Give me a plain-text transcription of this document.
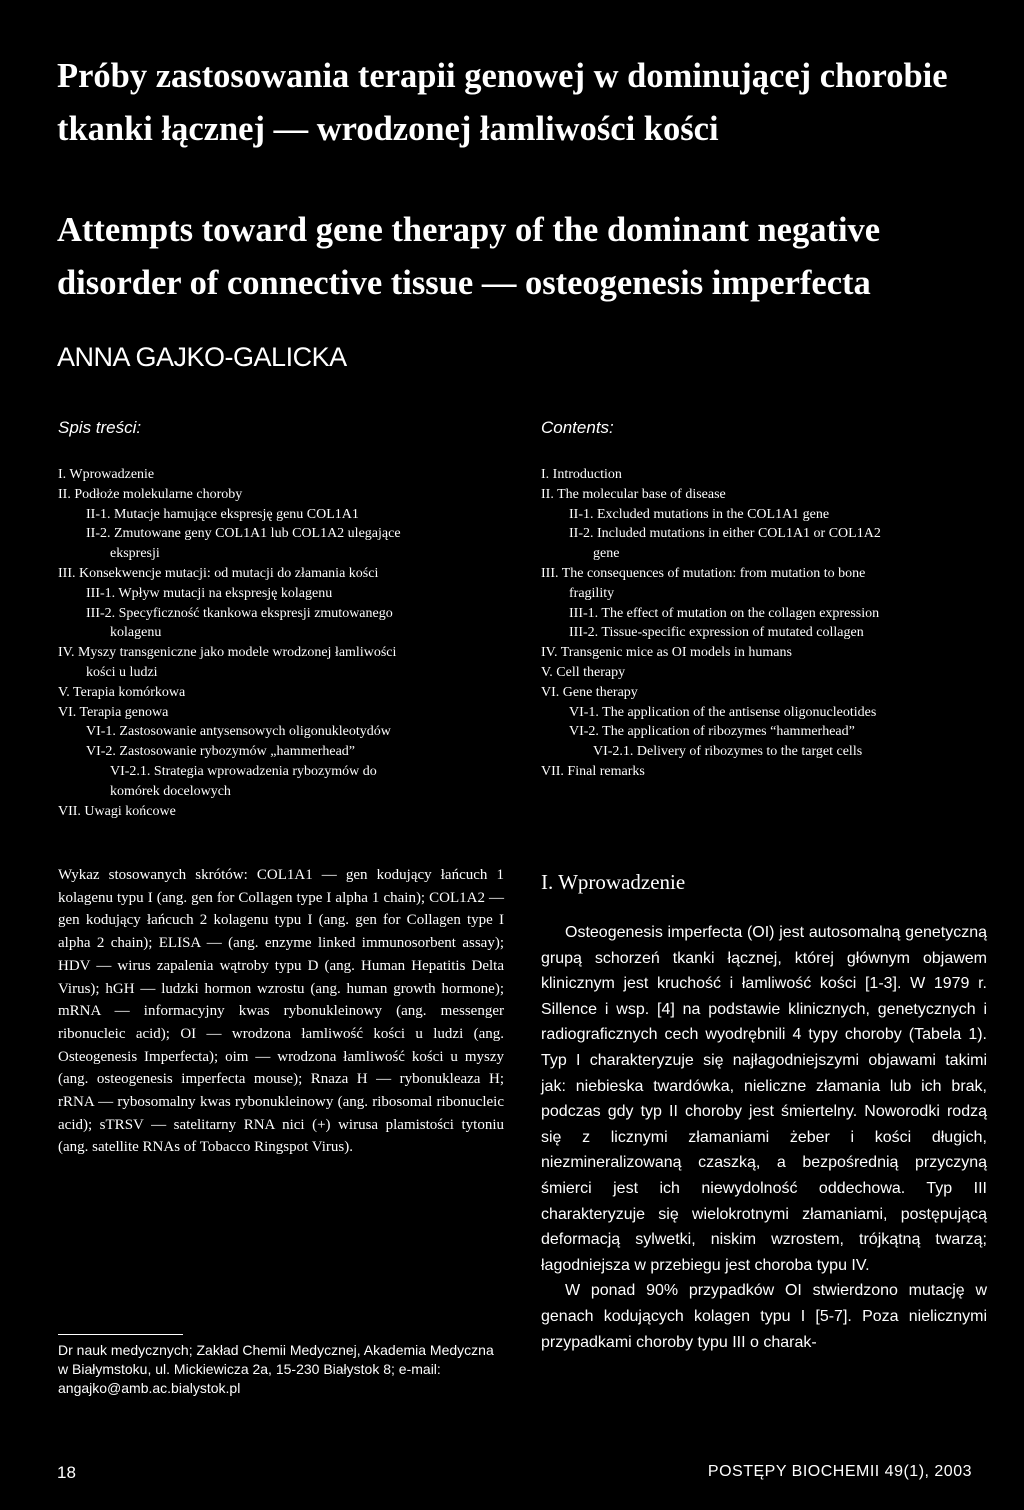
Próby zastosowania terapii genowej w dominującej chorobie tkanki łącznej — wrodzonej łamliwości kości
Attempts toward gene therapy of the dominant negative disorder of connective tissue — osteogenesis imperfecta
ANNA GAJKO-GALICKA
Spis treści:	Contents:
I. Wprowadzenie
II. Podłoże molekularne choroby
II-1. Mutacje hamujące ekspresję genu COL1A1
II-2. Zmutowane geny COL1A1 lub COL1A2 ulegające
ekspresji
III. Konsekwencje mutacji: od mutacji do złamania kości
III-1. Wpływ mutacji na ekspresję kolagenu
III-2. Specyficzność tkankowa ekspresji zmutowanego
kolagenu
IV. Myszy transgeniczne jako modele wrodzonej łamliwości
kości u ludzi
V. Terapia komórkowa
VI. Terapia genowa
VI-1. Zastosowanie antysensowych oligonukleotydów
VI-2. Zastosowanie rybozymów „hammerhead”
VI-2.1. Strategia wprowadzenia rybozymów do
komórek docelowych
VII. Uwagi końcowe
I. Introduction
II. The molecular base of disease
II-1. Excluded mutations in the COL1A1 gene
II-2. Included mutations in either COL1A1 or COL1A2
gene
III. The consequences of mutation: from mutation to bone
fragility
III-1. The effect of mutation on the collagen expression
III-2. Tissue-specific expression of mutated collagen
IV. Transgenic mice as OI models in humans
V. Cell therapy
VI. Gene therapy
VI-1. The application of the antisense oligonucleotides
VI-2. The application of ribozymes “hammerhead”
VI-2.1. Delivery of ribozymes to the target cells
VII. Final remarks
Wykaz stosowanych skrótów: COL1A1 — gen kodujący łańcuch 1 kolagenu typu I (ang. gen for Collagen type I alpha 1 chain); COL1A2 — gen kodujący łańcuch 2 kolagenu typu I (ang. gen for Collagen type I alpha 2 chain); ELISA — (ang. enzyme linked immunosorbent assay); HDV — wirus zapalenia wątroby typu D (ang. Human Hepatitis Delta Virus); hGH — ludzki hormon wzrostu (ang. human growth hormone); mRNA — informacyjny kwas rybonukleinowy (ang. messenger ribonucleic acid); OI — wrodzona łamliwość kości u ludzi (ang. Osteogenesis Imperfecta); oim — wrodzona łamliwość kości u myszy (ang. osteogenesis imperfecta mouse); Rnaza H — rybonukleaza H; rRNA — rybosomalny kwas rybonukleinowy (ang. ribosomal ribonucleic acid); sTRSV — satelitarny RNA nici (+) wirusa plamistości tytoniu (ang. satellite RNAs of Tobacco Ringspot Virus).
I. Wprowadzenie

Osteogenesis imperfecta (OI) jest autosomalną genetyczną grupą schorzeń tkanki łącznej, której głównym objawem klinicznym jest kruchość i łamliwość kości [1-3]. W 1979 r. Sillence i wsp. [4] na podstawie klinicznych, genetycznych i radiograficznych cech wyodrębnili 4 typy choroby (Tabela 1). Typ I charakteryzuje się najłagodniejszymi objawami takimi jak: niebieska twardówka, nieliczne złamania lub ich brak, podczas gdy typ II choroby jest śmiertelny. Noworodki rodzą się z licznymi złamaniami żeber i kości długich, niezmineralizowaną czaszką, a bezpośrednią przyczyną śmierci jest ich niewydolność oddechowa. Typ III charakteryzuje się wielokrotnymi złamaniami, postępującą deformacją sylwetki, niskim wzrostem, trójkątną twarzą; łagodniejsza w przebiegu jest choroba typu IV.

W ponad 90% przypadków OI stwierdzono mutację w genach kodujących kolagen typu I [5-7]. Poza nielicznymi przypadkami choroby typu III o charak-

Dr nauk medycznych; Zakład Chemii Medycznej, Akademia Medyczna w Białymstoku, ul. Mickiewicza 2a, 15-230 Białystok 8; e-mail: angajko@amb.ac.bialystok.pl
18	POSTĘPY BIOCHEMII 49(1), 2003
